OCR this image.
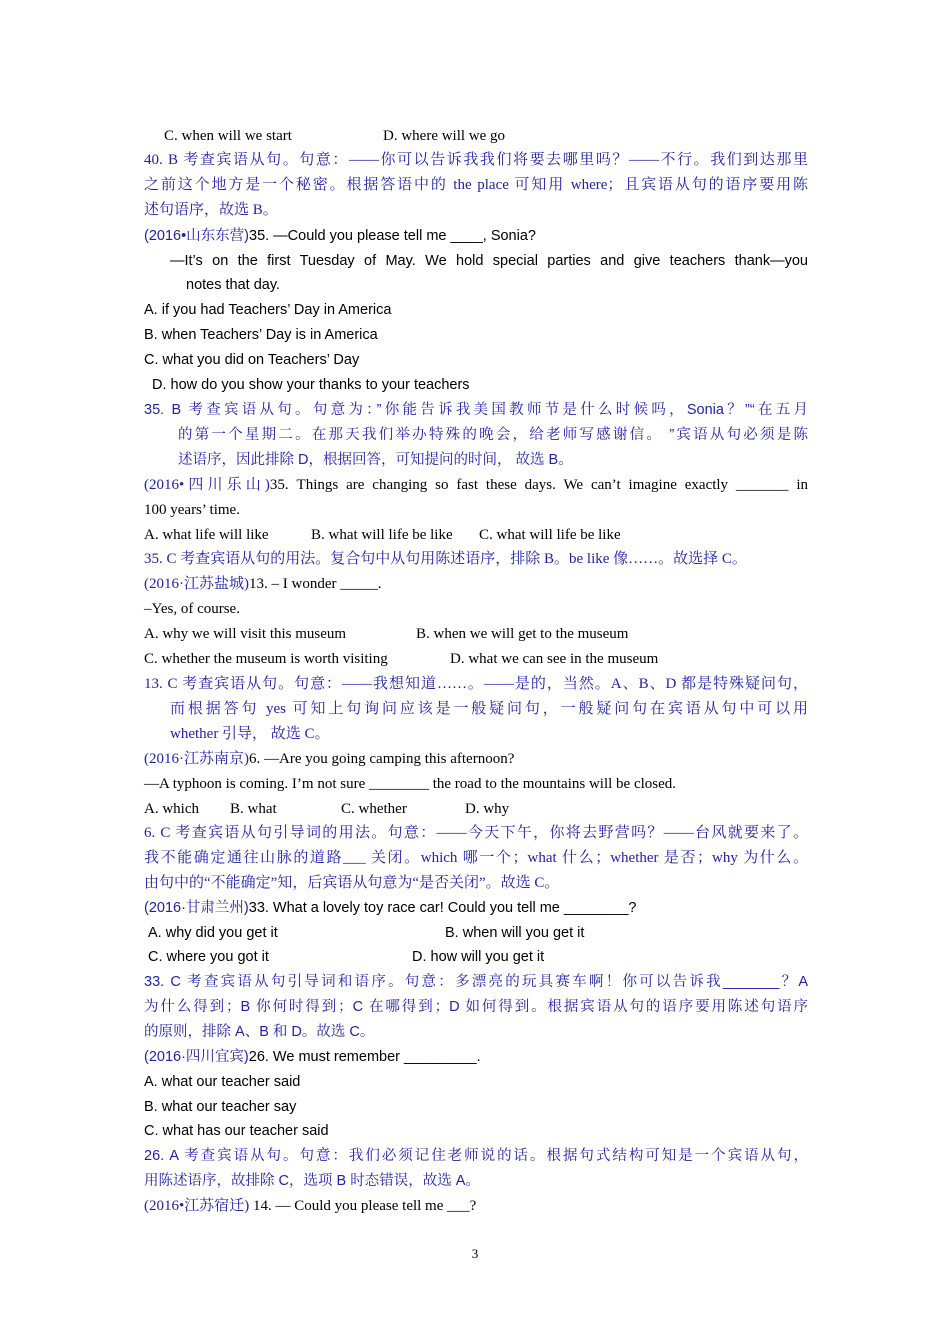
C. when will we start	D. where will we go
40. B 考查宾语从句。句意：——你可以告诉我我们将要去哪里吗？——不行。我们到达那里
之前这个地方是一个秘密。根据答语中的 the place 可知用 where；且宾语从句的语序要用陈
述句语序，故选 B。
(2016•山东东营)35. —Could you please tell me ____, Sonia?
—It’s on the first Tuesday of May. We hold special parties and give teachers thank—you
notes that day.
A. if you had Teachers’ Day in America
B. when Teachers’ Day is in America
C. what you did on Teachers’ Day
D. how do you show your thanks to your teachers
35. B 考查宾语从句。句意为：”你能告诉我美国教师节是什么时候吗，Sonia？”“在五月
的第一个星期二。在那天我们举办特殊的晚会，给老师写感谢信。 ”宾语从句必须是陈
述语序，因此排除 D，根据回答，可知提问的时间， 故选 B。
(2016•四川乐山)35. Things are changing so fast these days. We can’t imagine exactly _______ in
100 years’ time.
A. what life will like	B. what will life be like C. what will life be like
35. C 考查宾语从句的用法。复合句中从句用陈述语序，排除 B。be like 像……。故选择 C。
(2016·江苏盐城)13. – I wonder _____.
–Yes, of course.
A. why we will visit this museum	B. when we will get to the museum
C. whether the museum is worth visiting	D. what we can see in the museum
13. C 考查宾语从句。句意：——我想知道……。——是的，当然。A、B、D 都是特殊疑问句，
而根据答句 yes 可知上句询问应该是一般疑问句，一般疑问句在宾语从句中可以用
whether 引导， 故选 C。
(2016·江苏南京)6. —Are you going camping this afternoon?
—A typhoon is coming. I’m not sure ________ the road to the mountains will be closed.
A. which B. what	C. whether	D. why
6. C 考查宾语从句引导词的用法。句意：——今天下午，你将去野营吗？——台风就要来了。
我不能确定通往山脉的道路___ 关闭。which 哪一个；what 什么；whether 是否；why 为什么。
由句中的“不能确定”知，后宾语从句意为“是否关闭”。故选 C。
(2016·甘肃兰州)33. What a lovely toy race car! Could you tell me ________?
A. why did you get it	B. when will you get it
C. where you got it	D. how will you get it
33. C 考查宾语从句引导词和语序。句意：多漂亮的玩具赛车啊！你可以告诉我_______？A
为什么得到；B 你何时得到；C 在哪得到；D 如何得到。根据宾语从句的语序要用陈述句语序
的原则，排除 A、B 和 D。故选 C。
(2016·四川宜宾)26. We must remember _________.
A. what our teacher said
B. what our teacher say
C. what has our teacher said
26. A 考查宾语从句。句意：我们必须记住老师说的话。根据句式结构可知是一个宾语从句，
用陈述语序，故排除 C，选项 B 时态错误，故选 A。
(2016•江苏宿迁) 14. — Could you please tell me ___?
3
